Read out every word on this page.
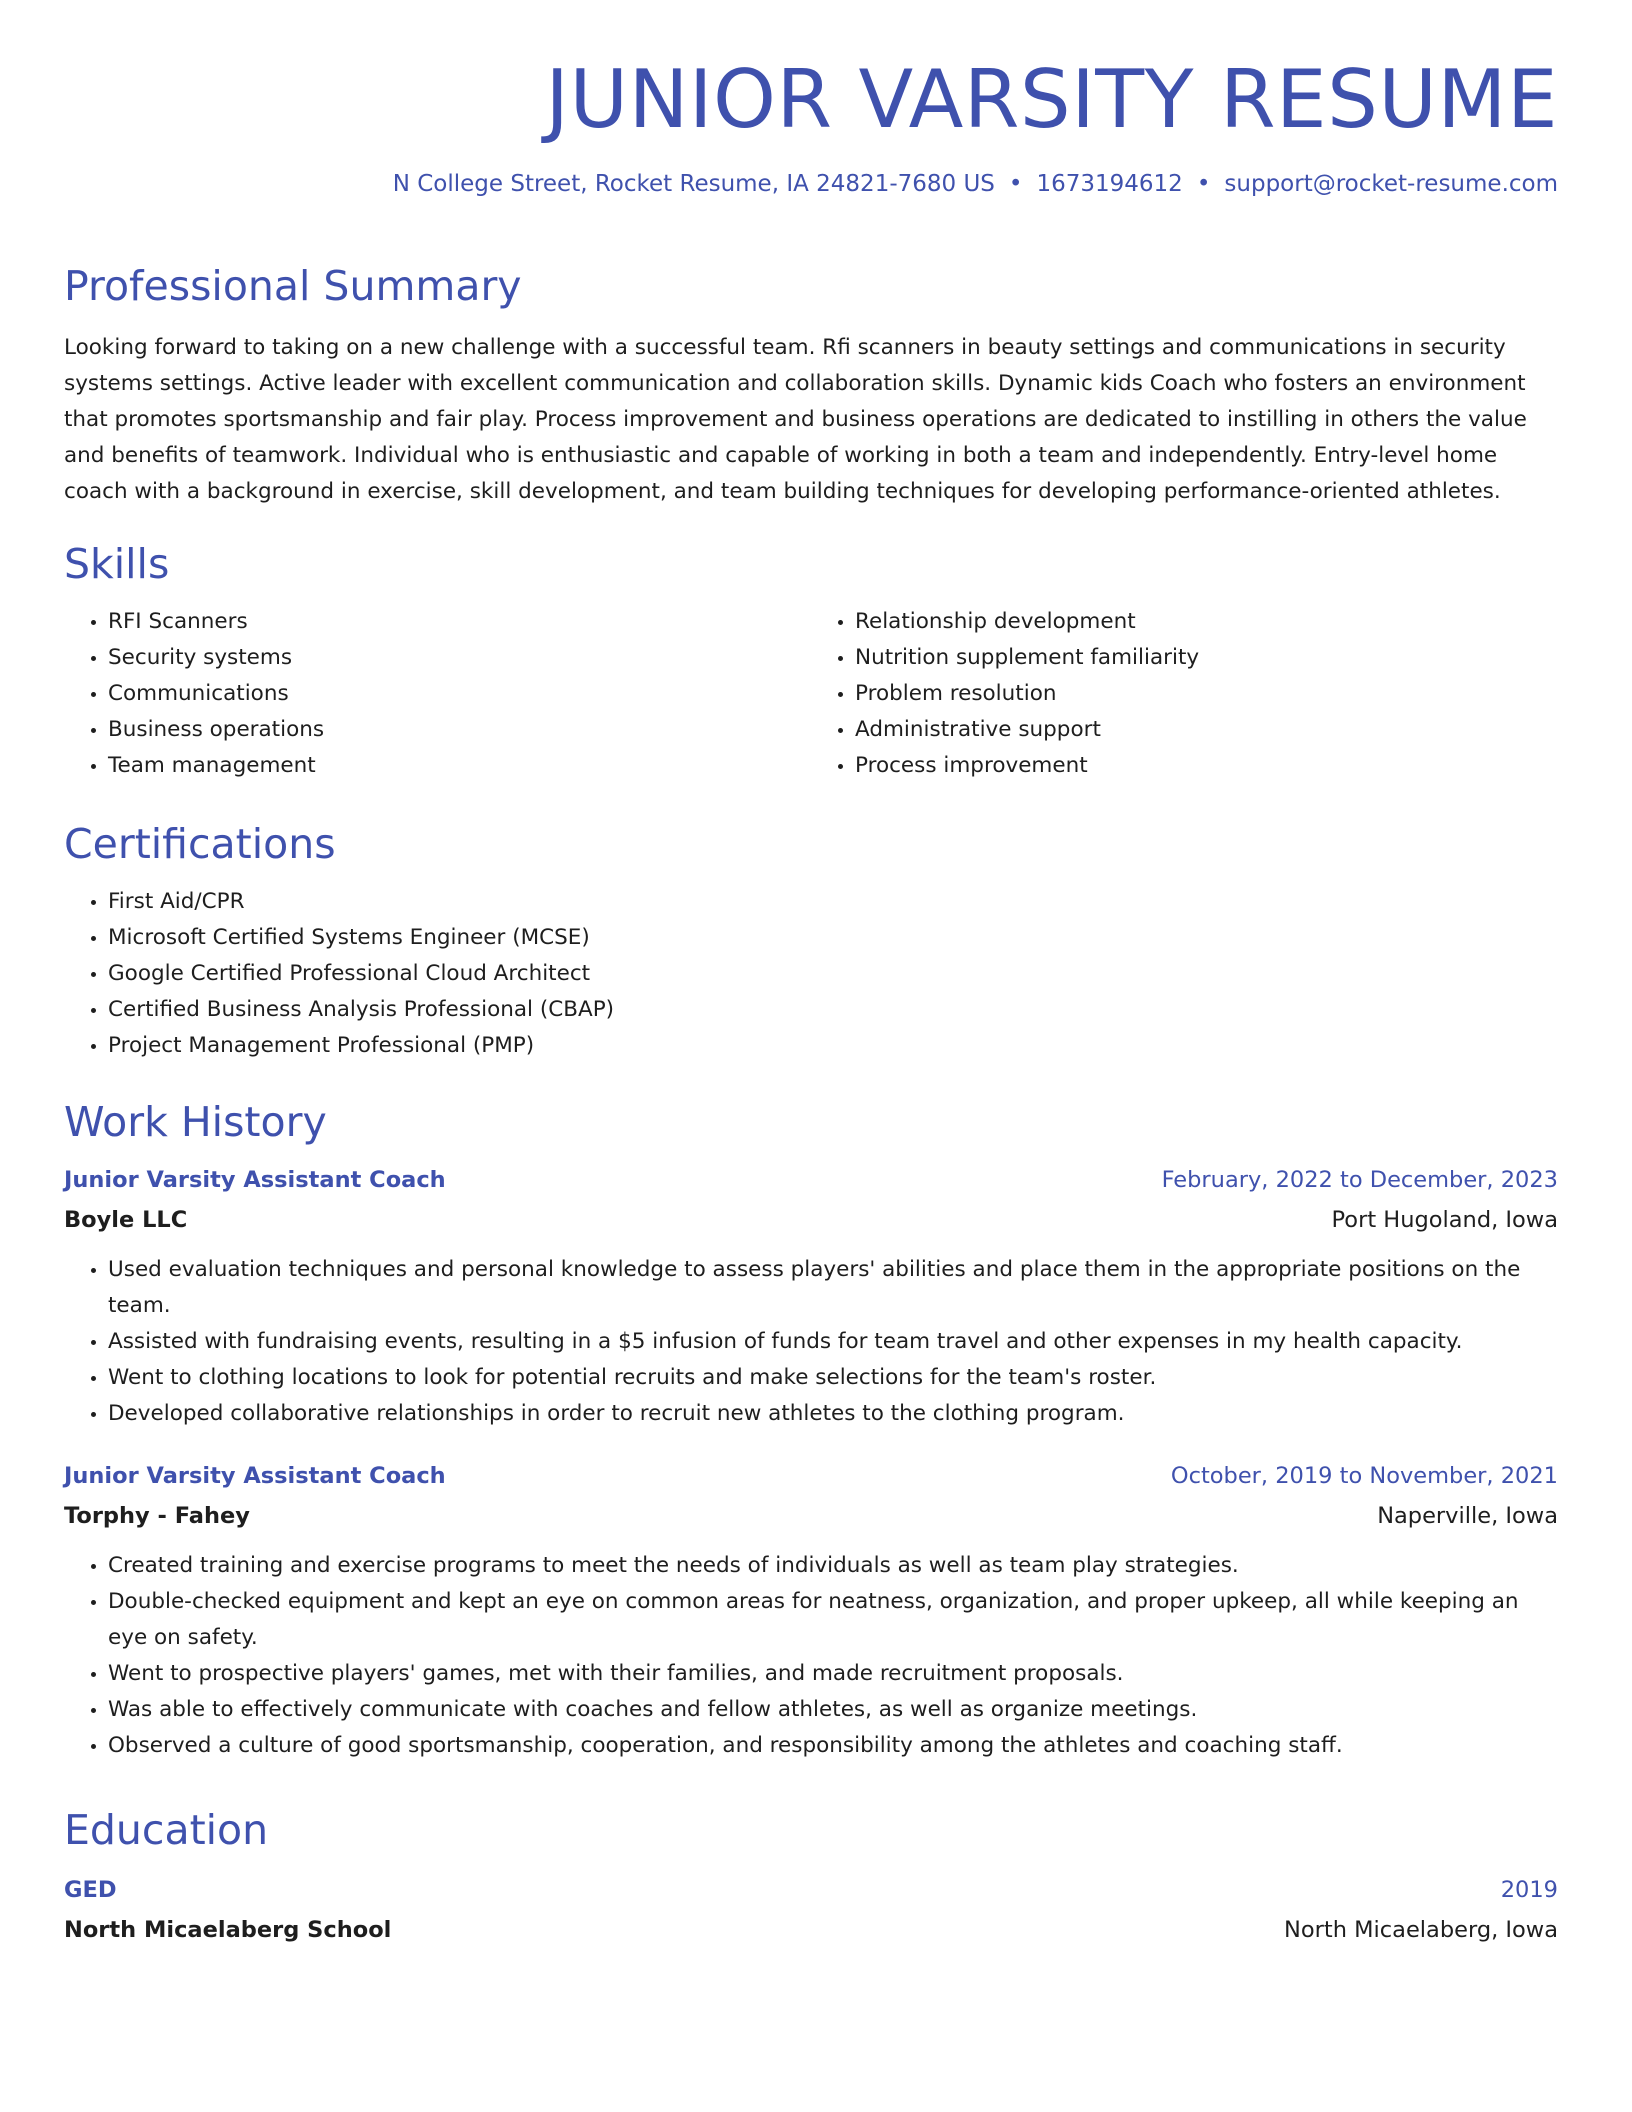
JUNIOR VARSITY RESUME
N College Street, Rocket Resume, IA 24821-7680 US • 1673194612 • support@rocket-resume.com
Professional Summary

Looking forward to taking on a new challenge with a successful team. Rfi scanners in beauty settings and communications in security systems settings. Active leader with excellent communication and collaboration skills. Dynamic kids Coach who fosters an environment that promotes sportsmanship and fair play. Process improvement and business operations are dedicated to instilling in others the value and benefits of teamwork. Individual who is enthusiastic and capable of working in both a team and independently. Entry-level home coach with a background in exercise, skill development, and team building techniques for developing performance-oriented athletes.

Skills
• RFI Scanners
• Security systems
• Communications
• Business operations
• Team management
• Relationship development
• Nutrition supplement familiarity
• Problem resolution
• Administrative support
• Process improvement
Certifications
• First Aid/CPR
• Microsoft Certified Systems Engineer (MCSE)
• Google Certified Professional Cloud Architect
• Certified Business Analysis Professional (CBAP)
• Project Management Professional (PMP)
Work History
Junior Varsity Assistant Coach	February, 2022 to December, 2023
Boyle LLC	Port Hugoland, Iowa
• Used evaluation techniques and personal knowledge to assess players' abilities and place them in the appropriate positions on the team.
• Assisted with fundraising events, resulting in a $5 infusion of funds for team travel and other expenses in my health capacity.
• Went to clothing locations to look for potential recruits and make selections for the team's roster.
• Developed collaborative relationships in order to recruit new athletes to the clothing program.
Junior Varsity Assistant Coach	October, 2019 to November, 2021
Torphy - Fahey	Naperville, Iowa
• Created training and exercise programs to meet the needs of individuals as well as team play strategies.
• Double-checked equipment and kept an eye on common areas for neatness, organization, and proper upkeep, all while keeping an eye on safety.
• Went to prospective players' games, met with their families, and made recruitment proposals.
• Was able to effectively communicate with coaches and fellow athletes, as well as organize meetings.
• Observed a culture of good sportsmanship, cooperation, and responsibility among the athletes and coaching staff.
Education
GED	2019
North Micaelaberg School	North Micaelaberg, Iowa
